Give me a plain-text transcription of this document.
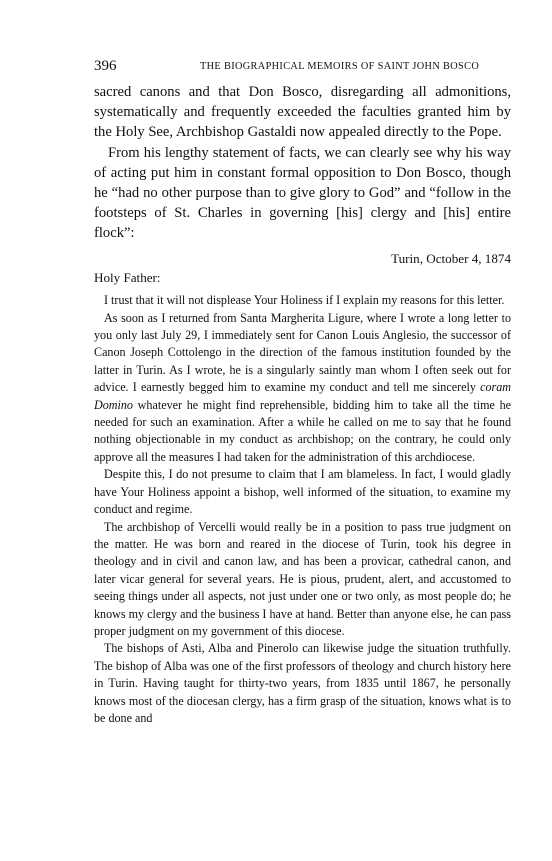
396	THE BIOGRAPHICAL MEMOIRS OF SAINT JOHN BOSCO

sacred canons and that Don Bosco, disregarding all admonitions, systematically and frequently exceeded the faculties granted him by the Holy See, Archbishop Gastaldi now appealed directly to the Pope.

From his lengthy statement of facts, we can clearly see why his way of acting put him in constant formal opposition to Don Bosco, though he “had no other purpose than to give glory to God” and “follow in the footsteps of St. Charles in governing [his] clergy and [his] entire flock”:

Turin, October 4, 1874

Holy Father:

I trust that it will not displease Your Holiness if I explain my reasons for this letter.

As soon as I returned from Santa Margherita Ligure, where I wrote a long letter to you only last July 29, I immediately sent for Canon Louis Anglesio, the successor of Canon Joseph Cottolengo in the direction of the famous institution founded by the latter in Turin. As I wrote, he is a singularly saintly man whom I often seek out for advice. I earnestly begged him to examine my conduct and tell me sincerely coram Domino whatever he might find reprehensible, bidding him to take all the time he needed for such an examination. After a while he called on me to say that he found nothing objectionable in my conduct as archbishop; on the contrary, he could only approve all the measures I had taken for the administration of this archdiocese.

Despite this, I do not presume to claim that I am blameless. In fact, I would gladly have Your Holiness appoint a bishop, well informed of the situation, to examine my conduct and regime.

The archbishop of Vercelli would really be in a position to pass true judgment on the matter. He was born and reared in the diocese of Turin, took his degree in theology and in civil and canon law, and has been a provicar, cathedral canon, and later vicar general for several years. He is pious, prudent, alert, and accustomed to seeing things under all aspects, not just under one or two only, as most people do; he knows my clergy and the business I have at hand. Better than anyone else, he can pass proper judgment on my government of this diocese.

The bishops of Asti, Alba and Pinerolo can likewise judge the situation truthfully. The bishop of Alba was one of the first professors of theology and church history here in Turin. Having taught for thirty-two years, from 1835 until 1867, he personally knows most of the diocesan clergy, has a firm grasp of the situation, knows what is to be done and
